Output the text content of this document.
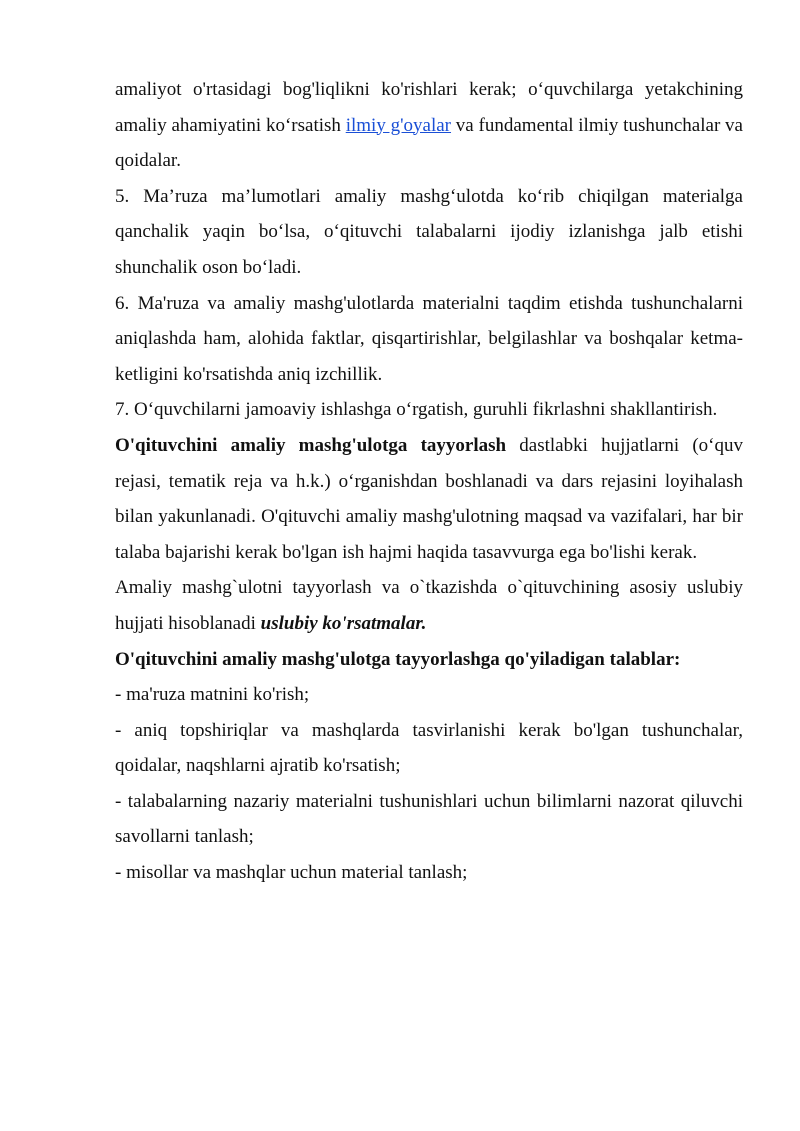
amaliyot o'rtasidagi bog'liqlikni ko'rishlari kerak; o‘quvchilarga yetakchining amaliy ahamiyatini ko‘rsatish ilmiy g'oyalar va fundamental ilmiy tushunchalar va qoidalar.

5. Ma’ruza ma’lumotlari amaliy mashg‘ulotda ko‘rib chiqilgan materialga qanchalik yaqin bo‘lsa, o‘qituvchi talabalarni ijodiy izlanishga jalb etishi shunchalik oson bo‘ladi.

6. Ma'ruza va amaliy mashg'ulotlarda materialni taqdim etishda tushunchalarni aniqlashda ham, alohida faktlar, qisqartirishlar, belgilashlar va boshqalar ketma-ketligini ko'rsatishda aniq izchillik.

7. O‘quvchilarni jamoaviy ishlashga o‘rgatish, guruhli fikrlashni shakllantirish.

O'qituvchini amaliy mashg'ulotga tayyorlash dastlabki hujjatlarni (o‘quv rejasi, tematik reja va h.k.) o‘rganishdan boshlanadi va dars rejasini loyihalash bilan yakunlanadi. O'qituvchi amaliy mashg'ulotning maqsad va vazifalari, har bir talaba bajarishi kerak bo'lgan ish hajmi haqida tasavvurga ega bo'lishi kerak.

Amaliy mashg`ulotni tayyorlash va o`tkazishda o`qituvchining asosiy uslubiy hujjati hisoblanadi uslubiy ko'rsatmalar.

O'qituvchini amaliy mashg'ulotga tayyorlashga qo'yiladigan talablar:

- ma'ruza matnini ko'rish;

- aniq topshiriqlar va mashqlarda tasvirlanishi kerak bo'lgan tushunchalar, qoidalar, naqshlarni ajratib ko'rsatish;

- talabalarning nazariy materialni tushunishlari uchun bilimlarni nazorat qiluvchi savollarni tanlash;

- misollar va mashqlar uchun material tanlash;
